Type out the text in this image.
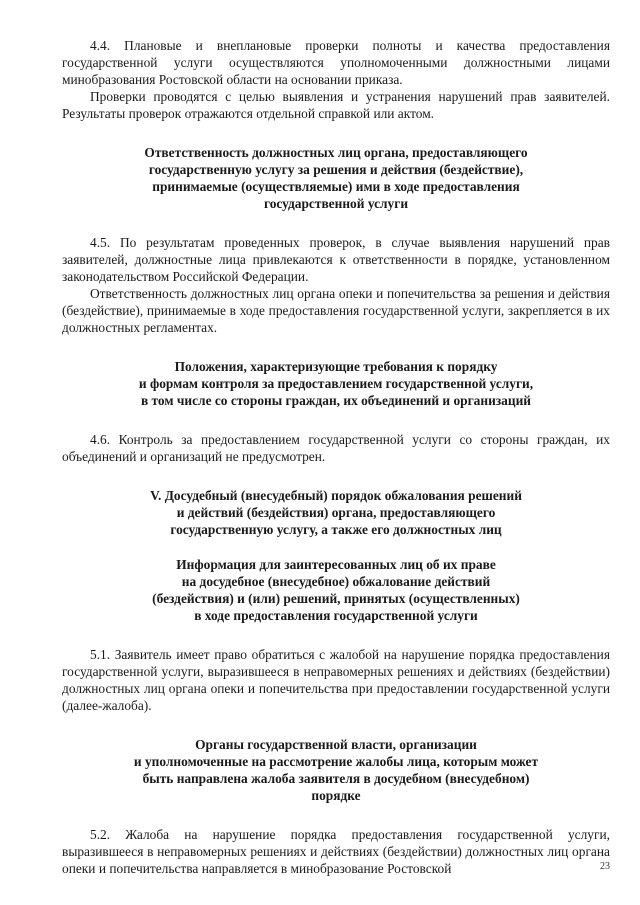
4.4. Плановые и внеплановые проверки полноты и качества предоставления государственной услуги осуществляются уполномоченными должностными лицами минобразования Ростовской области на основании приказа.

Проверки проводятся с целью выявления и устранения нарушений прав заявителей. Результаты проверок отражаются отдельной справкой или актом.

Ответственность должностных лиц органа, предоставляющего
государственную услугу за решения и действия (бездействие),
принимаемые (осуществляемые) ими в ходе предоставления
государственной услуги

4.5. По результатам проведенных проверок, в случае выявления нарушений прав заявителей, должностные лица привлекаются к ответственности в порядке, установленном законодательством Российской Федерации.

Ответственность должностных лиц органа опеки и попечительства за решения и действия (бездействие), принимаемые в ходе предоставления государственной услуги, закрепляется в их должностных регламентах.

Положения, характеризующие требования к порядку
и формам контроля за предоставлением государственной услуги,
в том числе со стороны граждан, их объединений и организаций

4.6. Контроль за предоставлением государственной услуги со стороны граждан, их объединений и организаций не предусмотрен.

V. Досудебный (внесудебный) порядок обжалования решений
и действий (бездействия) органа, предоставляющего
государственную услугу, а также его должностных лиц
Информация для заинтересованных лиц об их праве
на досудебное (внесудебное) обжалование действий
(бездействия) и (или) решений, принятых (осуществленных)
в ходе предоставления государственной услуги

5.1. Заявитель имеет право обратиться с жалобой на нарушение порядка предоставления государственной услуги, выразившееся в неправомерных решениях и действиях (бездействии) должностных лиц органа опеки и попечительства при предоставлении государственной услуги (далее-жалоба).

Органы государственной власти, организации
и уполномоченные на рассмотрение жалобы лица, которым может
быть направлена жалоба заявителя в досудебном (внесудебном)
порядке

5.2. Жалоба на нарушение порядка предоставления государственной услуги, выразившееся в неправомерных решениях и действиях (бездействии) должностных лиц органа опеки и попечительства направляется в минобразование Ростовской	23
